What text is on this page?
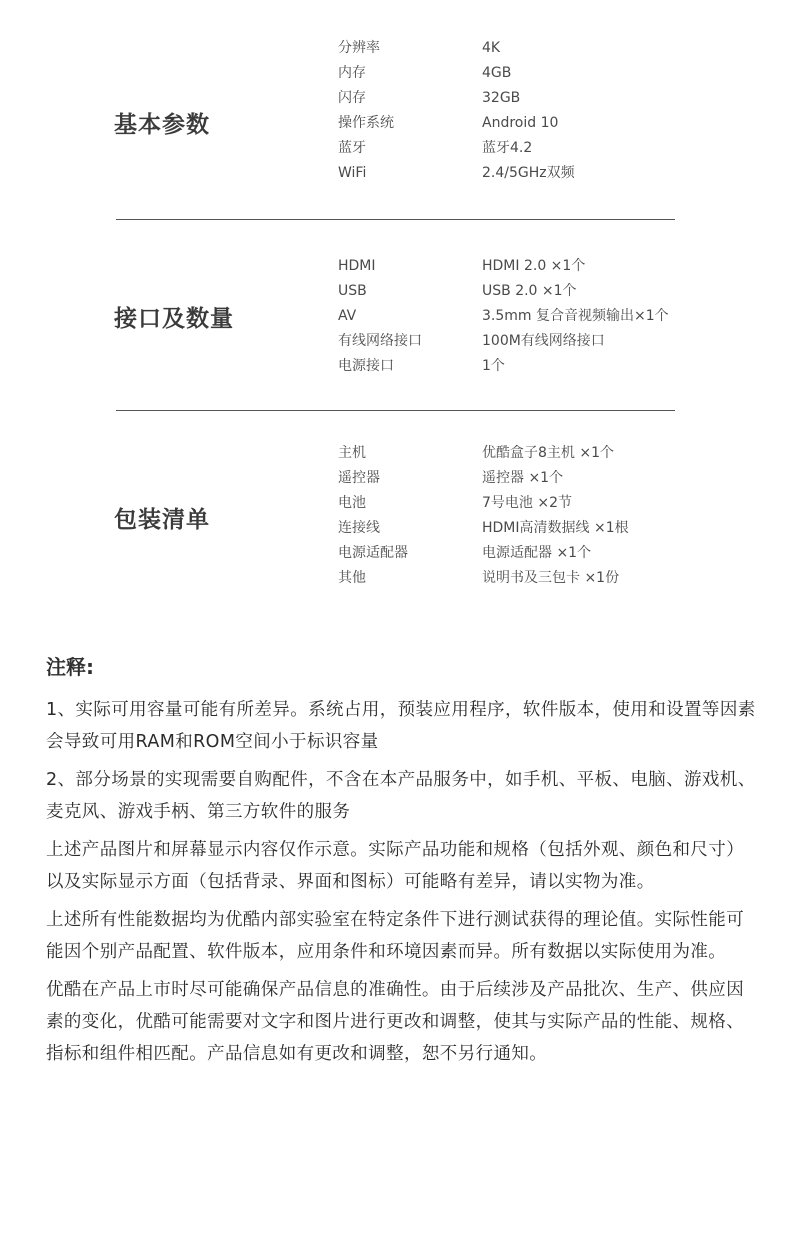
基本参数
分辨率	4K
内存	4GB
闪存	32GB
操作系统	Android 10
蓝牙	蓝牙4.2
WiFi	2.4/5GHz双频
接口及数量
HDMI	HDMI 2.0 ×1个
USB	USB 2.0 ×1个
AV	3.5mm 复合音视频输出×1个
有线网络接口	100M有线网络接口
电源接口	1个
包装清单
主机	优酷盒子8主机 ×1个
遥控器	遥控器 ×1个
电池	7号电池 ×2节
连接线	HDMI高清数据线 ×1根
电源适配器	电源适配器 ×1个
其他	说明书及三包卡 ×1份
注释:

1、实际可用容量可能有所差异。系统占用，预装应用程序，软件版本，使用和设置等因素会导致可用RAM和ROM空间小于标识容量

2、部分场景的实现需要自购配件，不含在本产品服务中，如手机、平板、电脑、游戏机、麦克风、游戏手柄、第三方软件的服务

上述产品图片和屏幕显示内容仅作示意。实际产品功能和规格（包括外观、颜色和尺寸）以及实际显示方面（包括背录、界面和图标）可能略有差异，请以实物为准。

上述所有性能数据均为优酷内部实验室在特定条件下进行测试获得的理论值。实际性能可能因个别产品配置、软件版本，应用条件和环境因素而异。所有数据以实际使用为准。

优酷在产品上市时尽可能确保产品信息的准确性。由于后续涉及产品批次、生产、供应因素的变化，优酷可能需要对文字和图片进行更改和调整，使其与实际产品的性能、规格、指标和组件相匹配。产品信息如有更改和调整，恕不另行通知。
